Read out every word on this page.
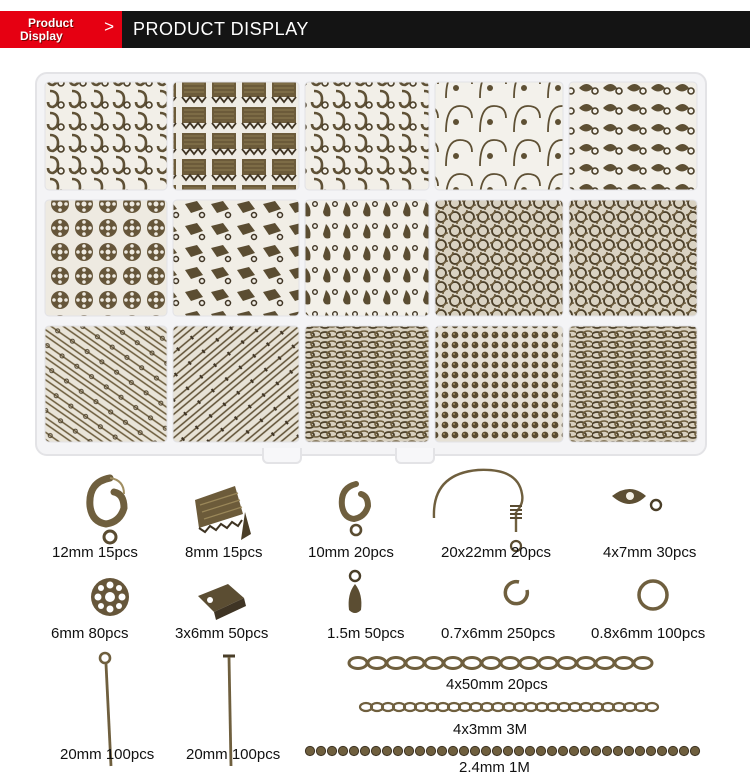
Product
Display > PRODUCT DISPLAY
12mm 15pcs	8mm 15pcs	10mm 20pcs	20x22mm 20pcs	4x7mm 30pcs
6mm 80pcs	3x6mm 50pcs	1.5m 50pcs 0.7x6mm 250pcs 0.8x6mm 100pcs
4x50mm 20pcs
4x3mm 3M
20mm 100pcs 20mm 100pcs
2.4mm 1M
